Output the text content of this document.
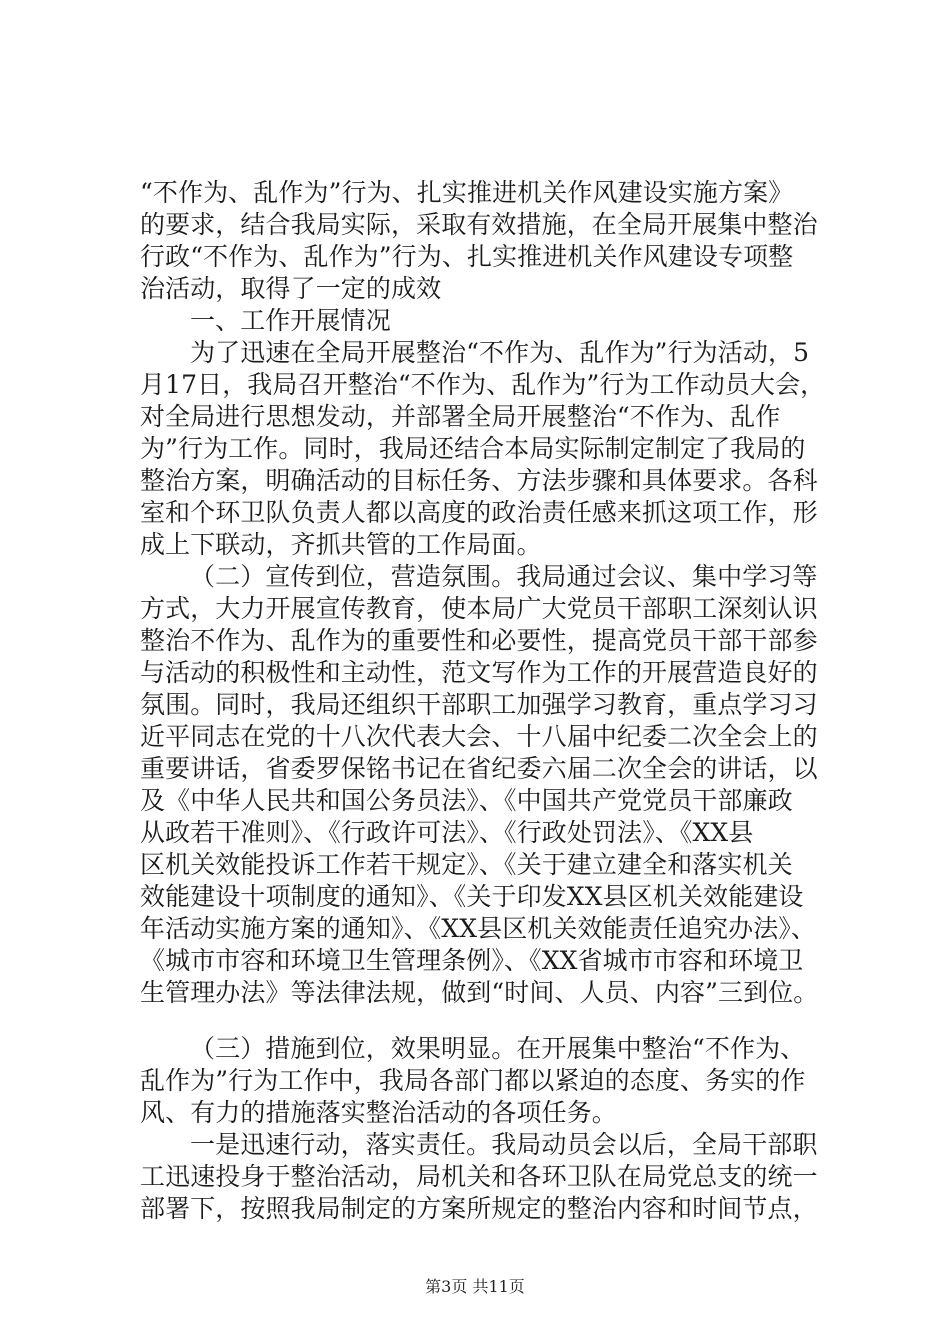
“不作为、乱作为”行为、扎实推进机关作风建设实施方案》
的要求，结合我局实际，采取有效措施，在全局开展集中整治
行政“不作为、乱作为”行为、扎实推进机关作风建设专项整
治活动，取得了一定的成效
一、工作开展情况
为了迅速在全局开展整治“不作为、乱作为”行为活动，5
月17日，我局召开整治“不作为、乱作为”行为工作动员大会，
对全局进行思想发动，并部署全局开展整治“不作为、乱作
为”行为工作。同时，我局还结合本局实际制定制定了我局的
整治方案，明确活动的目标任务、方法步骤和具体要求。各科
室和个环卫队负责人都以高度的政治责任感来抓这项工作，形
成上下联动，齐抓共管的工作局面。
（二）宣传到位，营造氛围。我局通过会议、集中学习等
方式，大力开展宣传教育，使本局广大党员干部职工深刻认识
整治不作为、乱作为的重要性和必要性，提高党员干部干部参
与活动的积极性和主动性，范文写作为工作的开展营造良好的
氛围。同时，我局还组织干部职工加强学习教育，重点学习习
近平同志在党的十八次代表大会、十八届中纪委二次全会上的
重要讲话，省委罗保铭书记在省纪委六届二次全会的讲话，以
及《中华人民共和国公务员法》、《中国共产党党员干部廉政
从政若干准则》、《行政许可法》、《行政处罚法》、《XX县
区机关效能投诉工作若干规定》、《关于建立建全和落实机关
效能建设十项制度的通知》、《关于印发XX县区机关效能建设
年活动实施方案的通知》、《XX县区机关效能责任追究办法》、
《城市市容和环境卫生管理条例》、《XX省城市市容和环境卫
生管理办法》等法律法规，做到“时间、人员、内容”三到位。
（三）措施到位，效果明显。在开展集中整治“不作为、
乱作为”行为工作中，我局各部门都以紧迫的态度、务实的作
风、有力的措施落实整治活动的各项任务。
一是迅速行动，落实责任。我局动员会以后，全局干部职
工迅速投身于整治活动，局机关和各环卫队在局党总支的统一
部署下，按照我局制定的方案所规定的整治内容和时间节点，
第3页 共11页
